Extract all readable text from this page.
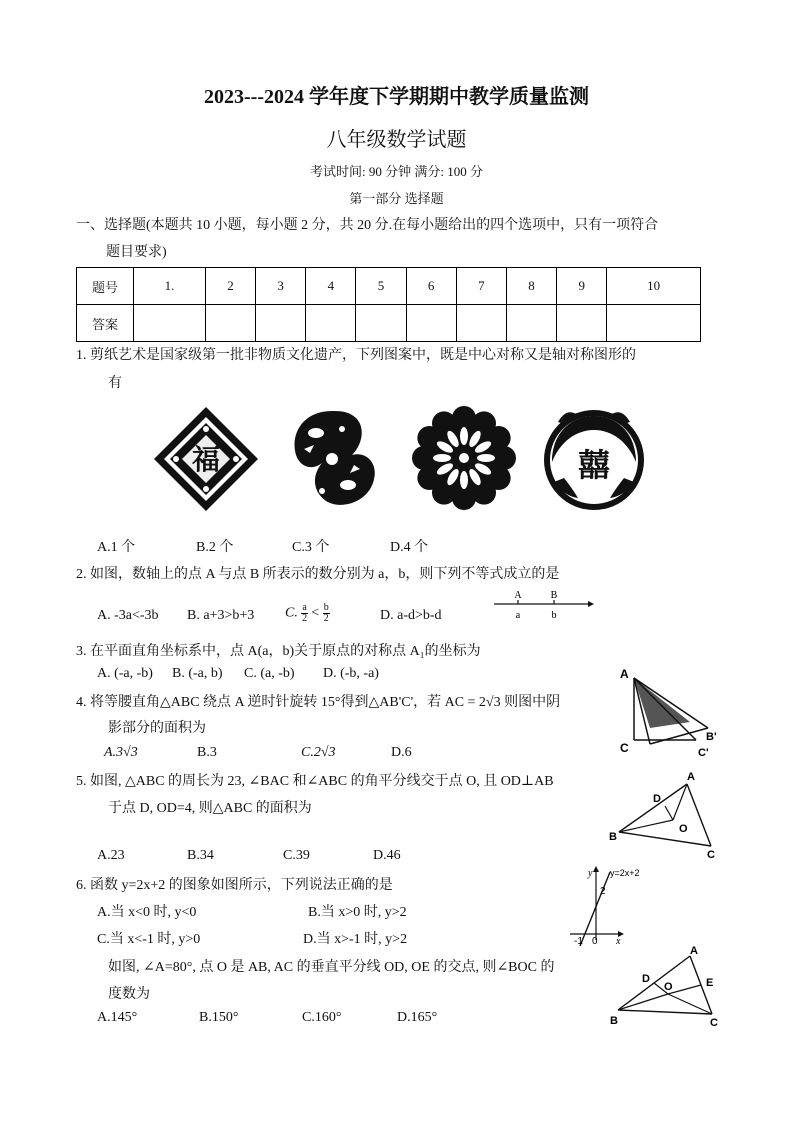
2023---2024 学年度下学期期中教学质量监测
八年级数学试题
考试时间: 90 分钟 满分: 100 分
第一部分 选择题
一、选择题(本题共 10 小题，每小题 2 分，共 20 分.在每小题给出的四个选项中，只有一项符合
题目要求)
题号	1.	2	3	4	5	6	7	8	9	10
答案										
1. 剪纸艺术是国家级第一批非物质文化遗产，下列图案中，既是中心对称又是轴对称图形的
有
福	囍
A.1 个	B.2 个	C.3 个	D.4 个
2. 如图，数轴上的点 A 与点 B 所表示的数分别为 a，b，则下列不等式成立的是
A. -3a<-3b B. a+3>b+3 C. $\frac{a}{2} < \frac{b}{2}$	D. a-d>b-d
A	B
a	b
3. 在平面直角坐标系中，点 A(a，b)关于原点的对称点 A₁的坐标为
A. (-a, -b) B. (-a, b) C. (a, -b) D. (-b, -a)
4. 将等腰直角△ABC 绕点 A 逆时针旋转 15°得到△AB'C'，若 AC = 2√3 则图中阴
影部分的面积为
A.3√3	B.3	C.2√3	D.6
A
C
B'
C'
5. 如图, △ABC 的周长为 23, ∠BAC 和∠ABC 的角平分线交于点 O, 且 OD⊥AB
于点 D, OD=4, 则△ABC 的面积为
A.23	B.34	C.39	D.46
A
D
O
B
C
6. 函数 y=2x+2 的图象如图所示，下列说法正确的是
A.当 x<0 时, y<0	B.当 x>0 时, y>2
C.当 x<-1 时, y>0	D.当 x>-1 时, y>2
y y=2x+2
2
-1 0 x
如图, ∠A=80°, 点 O 是 AB, AC 的垂直平分线 OD, OE 的交点, 则∠BOC 的
度数为
A.145°	B.150°	C.160°	D.165°
A
D
O	E
B	C
